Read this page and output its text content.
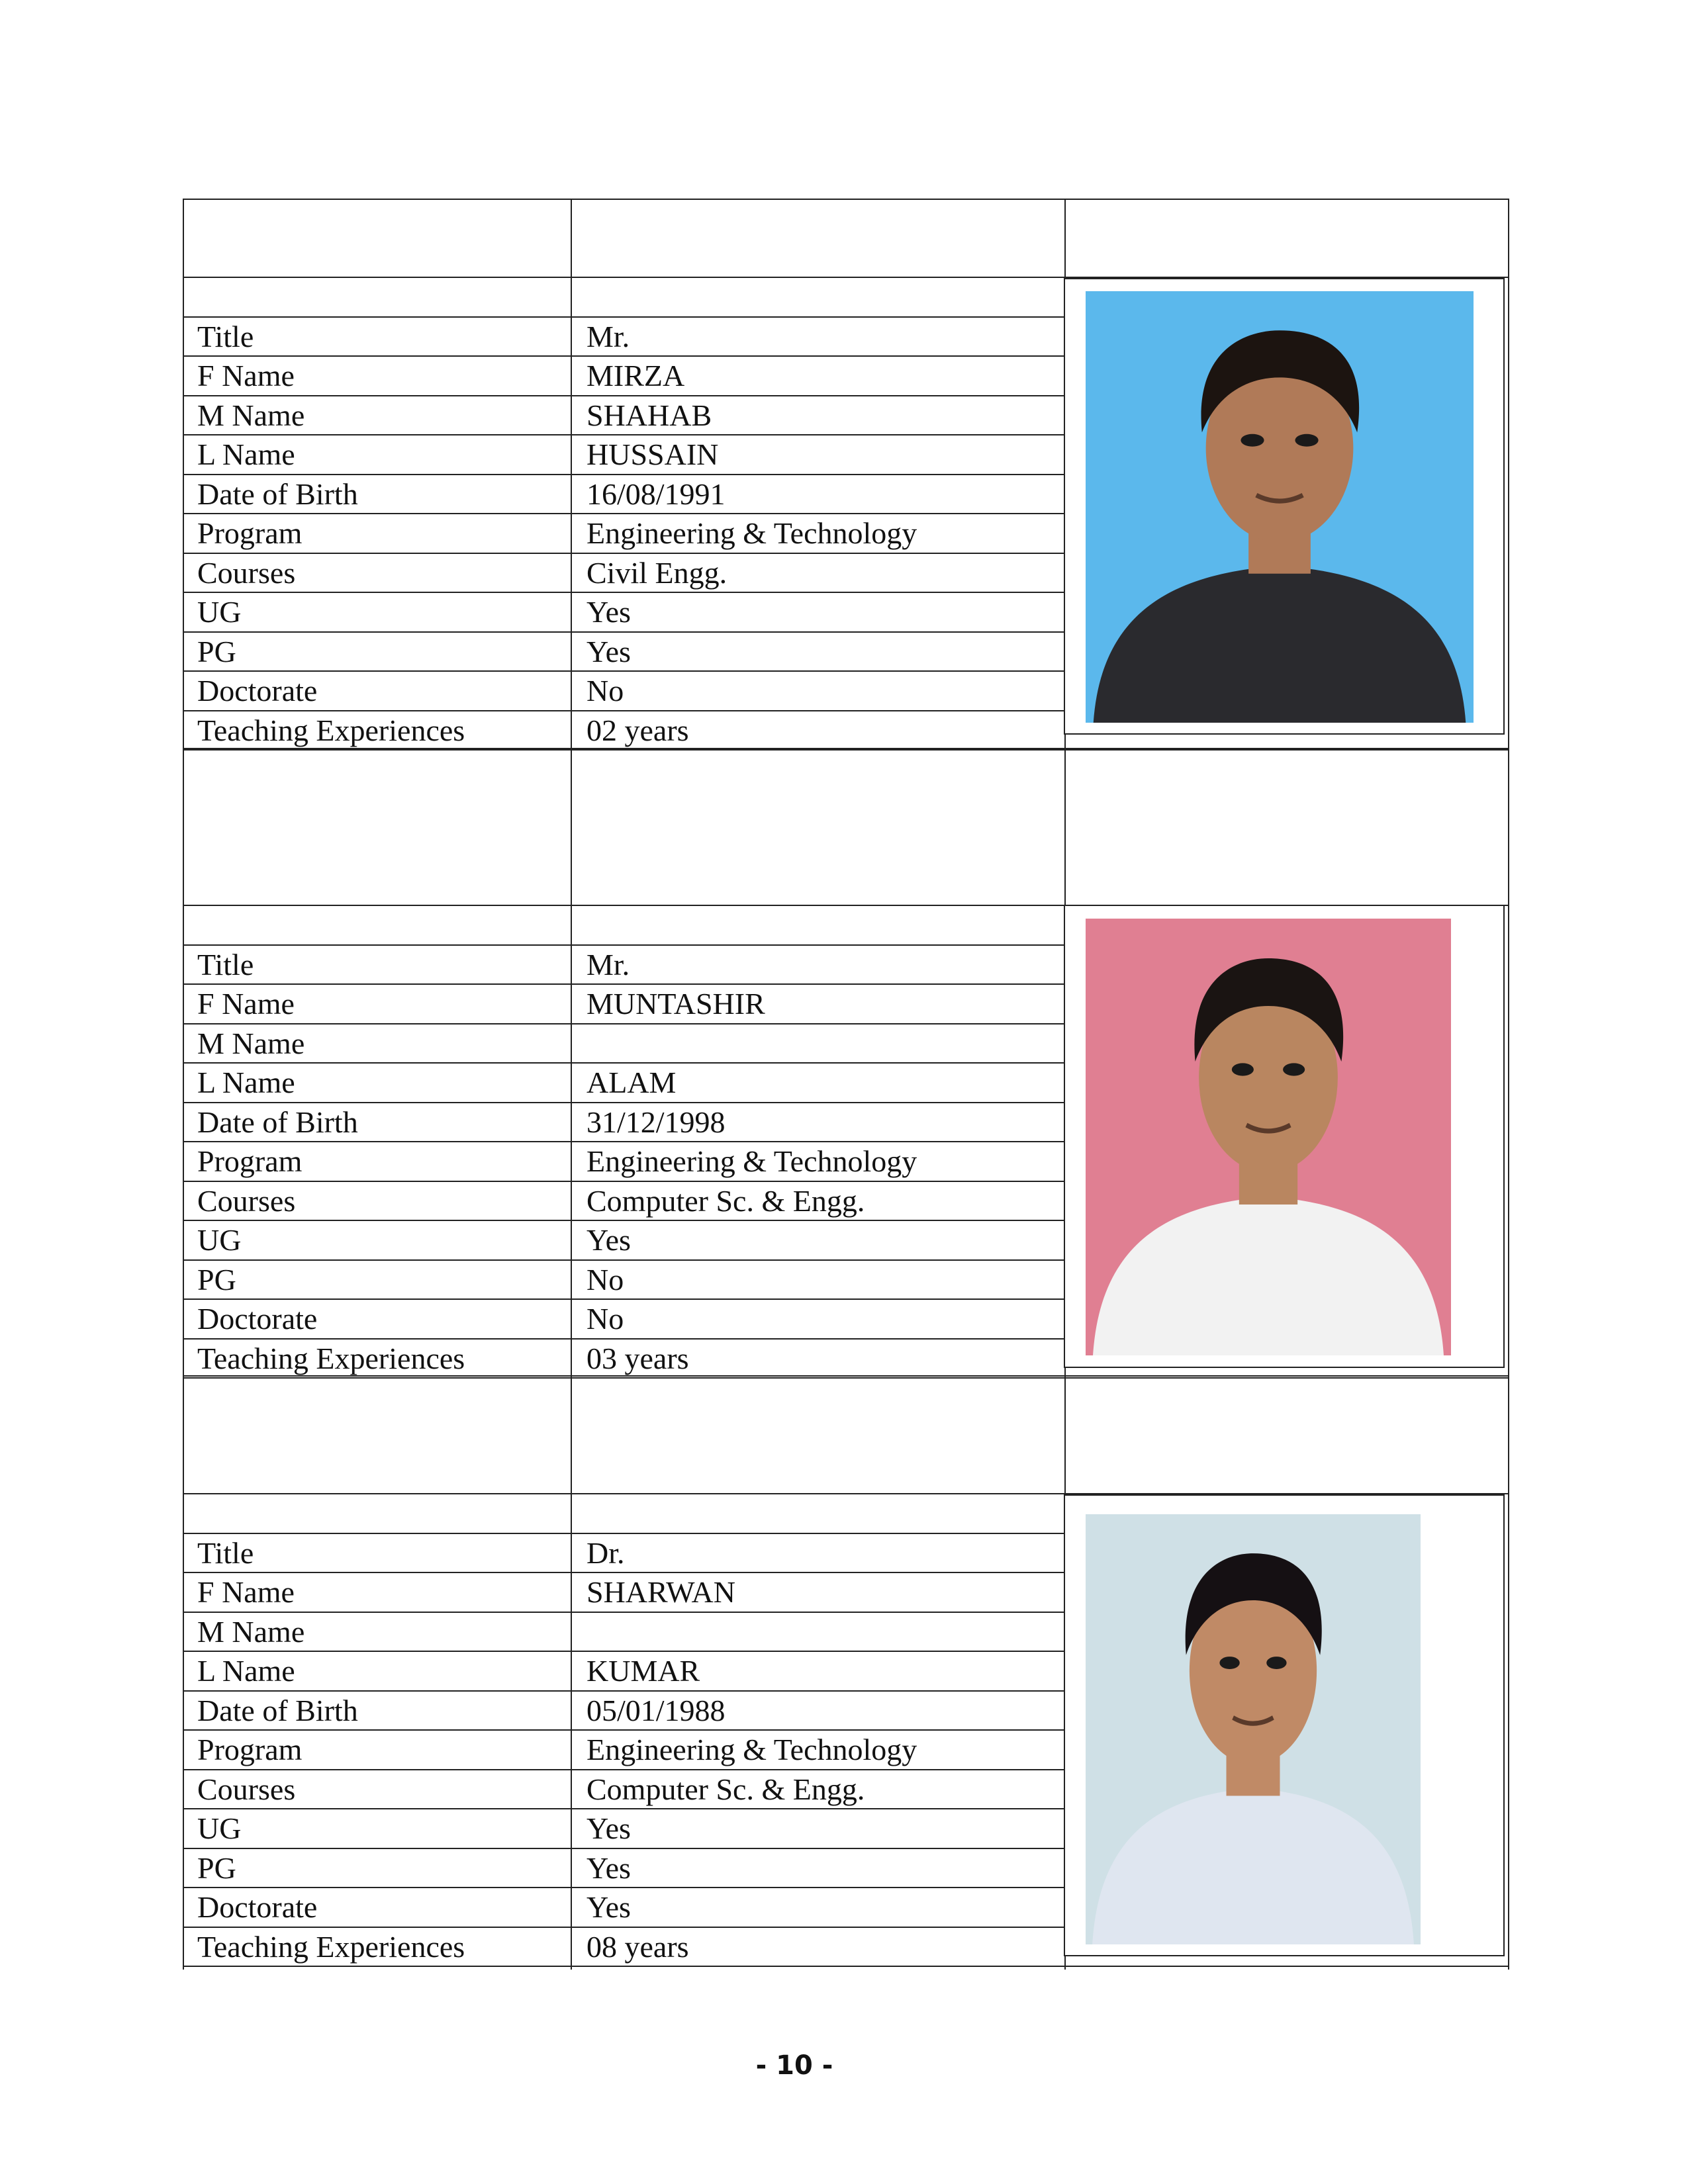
Title	Mr.
F Name	MIRZA
M Name	SHAHAB
L Name	HUSSAIN
Date of Birth	16/08/1991
Program	Engineering & Technology
Courses	Civil Engg.
UG	Yes
PG	Yes
Doctorate	No
Teaching Experiences	02 years
Title	Mr.
F Name	MUNTASHIR
M Name
L Name	ALAM
Date of Birth	31/12/1998
Program	Engineering & Technology
Courses	Computer Sc. & Engg.
UG	Yes
PG	No
Doctorate	No
Teaching Experiences	03 years
Title	Dr.
F Name	SHARWAN
M Name
L Name	KUMAR
Date of Birth	05/01/1988
Program	Engineering & Technology
Courses	Computer Sc. & Engg.
UG	Yes
PG	Yes
Doctorate	Yes
Teaching Experiences	08 years
- 10 -
